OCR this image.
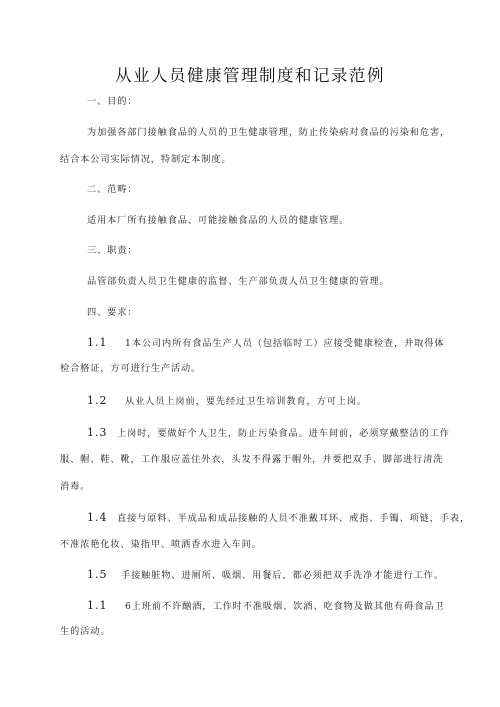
从业人员健康管理制度和记录范例
一、目的：
为加强各部门接触食品的人员的卫生健康管理，防止传染病对食品的污染和危害，
结合本公司实际情况，特制定本制度。
二、范畴：
适用本厂所有接触食品、可能接触食品的人员的健康管理。
三、职责：
品管部负责人员卫生健康的监督、生产部负责人员卫生健康的管理。
四、要求：
1.1 1本公司内所有食品生产人员（包括临时工）应接受健康检查，并取得体
检合格证，方可进行生产活动。
1.2 从业人员上岗前，要先经过卫生培训教育，方可上岗。
1.3 上岗时，要做好个人卫生，防止污染食品。进车间前，必须穿戴整洁的工作
服、帽、鞋、靴，工作服应盖住外衣，头发不得露于帽外，并要把双手、脚部进行清洗
消毒。
1.4 直接与原料、半成品和成品接触的人员不准戴耳环、戒指、手镯、项链，手表，
不准浓艳化妆、染指甲、喷洒香水进入车间。
1.5 手接触脏物、进厕所、吸烟、用餐后，都必须把双手洗净才能进行工作。
1.1 6上班前不许酗酒，工作时不准吸烟、饮酒、吃食物及做其他有碍食品卫
生的活动。
